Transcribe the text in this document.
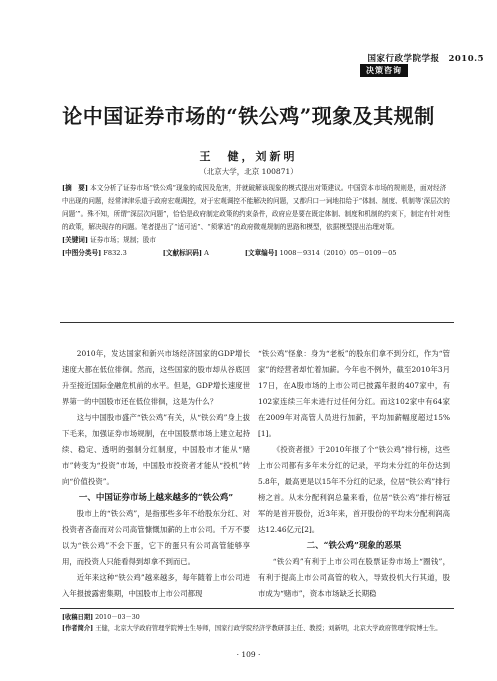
国家行政学院学报　2010.5
决策咨询
论中国证券市场的“铁公鸡”现象及其规制
王　健，刘新明
（北京大学，北京 100871）

[摘　要] 本文分析了证券市场“铁公鸡”现象的成因及危害，并就破解该现象的模式提出对策建议。中国资本市场的规则是，面对经济中出现的问题，经常津津乐道于政府宏观调控，对于宏观调控不能解决的问题，又都归口一词地扣给于“体制、制度、机制等‘深层次的问题’”。殊不知，所谓“深层次问题”，恰恰是政府制定政策的约束条件，政府应是要在既定体制、制度和机制的约束下，制定有针对性的政策，解决现存的问题。笔者提出了“适可适”、“须掌适”的政府微观规制的思路和模型，依据模型提出治理对策。

[关键词] 证券市场；规制；股市

[中图分类号] F832.3	[文献标识码] A	[文章编号] 1008－9314（2010）05－0109－05

2010年，发达国家和新兴市场经济国家的GDP增长速度大都在低位徘徊。然而，这些国家的股市却从谷底回升至接近国际金融危机前的水平。但是，GDP增长速度世界第一的中国股市还在低位徘徊，这是为什么？

这与中国股市盛产“铁公鸡”有关，从“铁公鸡”身上拔下毛来，加强证券市场规制，在中国股票市场上建立起持续、稳定、透明的强制分红制度，中国股市才能从“赌市”转变为“投资”市场，中国股市投资者才能从“投机”转向“价值投资”。

一、中国证券市场上越来越多的“铁公鸡”

股市上的“铁公鸡”，是指那些多年不给股东分红、对投资者吝啬而对公司高管慷慨加薪的上市公司。千万不要以为“铁公鸡”不会下蛋，它下的蛋只有公司高管能够享用，而投资人只能看得到却拿不到而已。

近年来这种“铁公鸡”越来越多，每年随着上市公司进入年报披露密集期，中国股市上市公司都现

“铁公鸡”怪象：身为“老板”的股东们拿不到分红，作为“管家”的经营者却忙着加薪。今年也不例外，截至2010年3月17日，在A股市场的上市公司已披露年报的407家中，有102家连续三年未进行过任何分红。而这102家中有64家在2009年对高管人员进行加薪，平均加薪幅度超过15%[1]。

《投资者报》于2010年报了个“铁公鸡”排行榜，这些上市公司都有多年未分红的记录，平均未分红的年份达到5.8年，最高更是以15年不分红的记录，位居“铁公鸡”排行榜之首。从未分配利润总量来看，位居“铁公鸡”排行榜冠军的是首开股份，近3年来，首开股份的平均未分配利润高达12.46亿元[2]。

二、“铁公鸡”现象的恶果

“铁公鸡”有利于上市公司在股票证券市场上“圈钱”，有利于提高上市公司高管的收入，导致投机大行其道，股市成为“赌市”，资本市场缺乏长期稳

[收稿日期] 2010－03－30

[作者简介] 王健，北京大学政府管理学院博士生导师，国家行政学院经济学教研部主任、教授；刘新明，北京大学政府管理学院博士生。

· 109 ·
